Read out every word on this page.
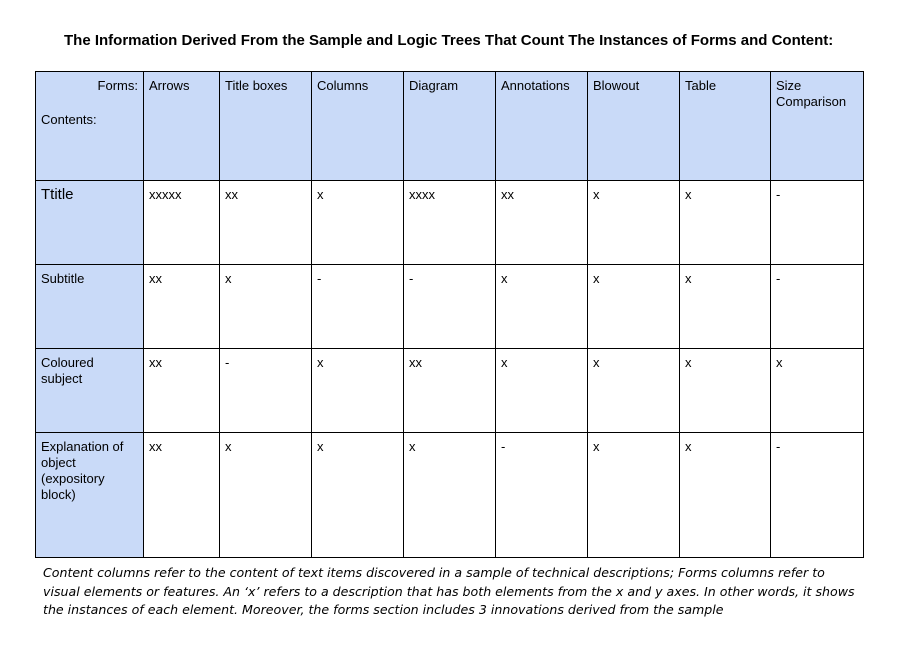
The Information Derived From the Sample and Logic Trees That Count The Instances of Forms and Content:
Forms:
Contents:	Arrows	Title boxes	Columns	Diagram	Annotations	Blowout	Table	Size Comparison
Ttitle	xxxxx	xx	x	xxxx	xx	x	x	-
Subtitle	xx	x	-	-	x	x	x	-
Coloured subject	xx	-	x	xx	x	x	x	x
Explanation of object (expository block)	xx	x	x	x	-	x	x	-
Content columns refer to the content of text items discovered in a sample of technical descriptions; Forms columns refer to visual elements or features. An ‘x’ refers to a description that has both elements from the x and y axes. In other words, it shows the instances of each element. Moreover, the forms section includes 3 innovations derived from the sample
